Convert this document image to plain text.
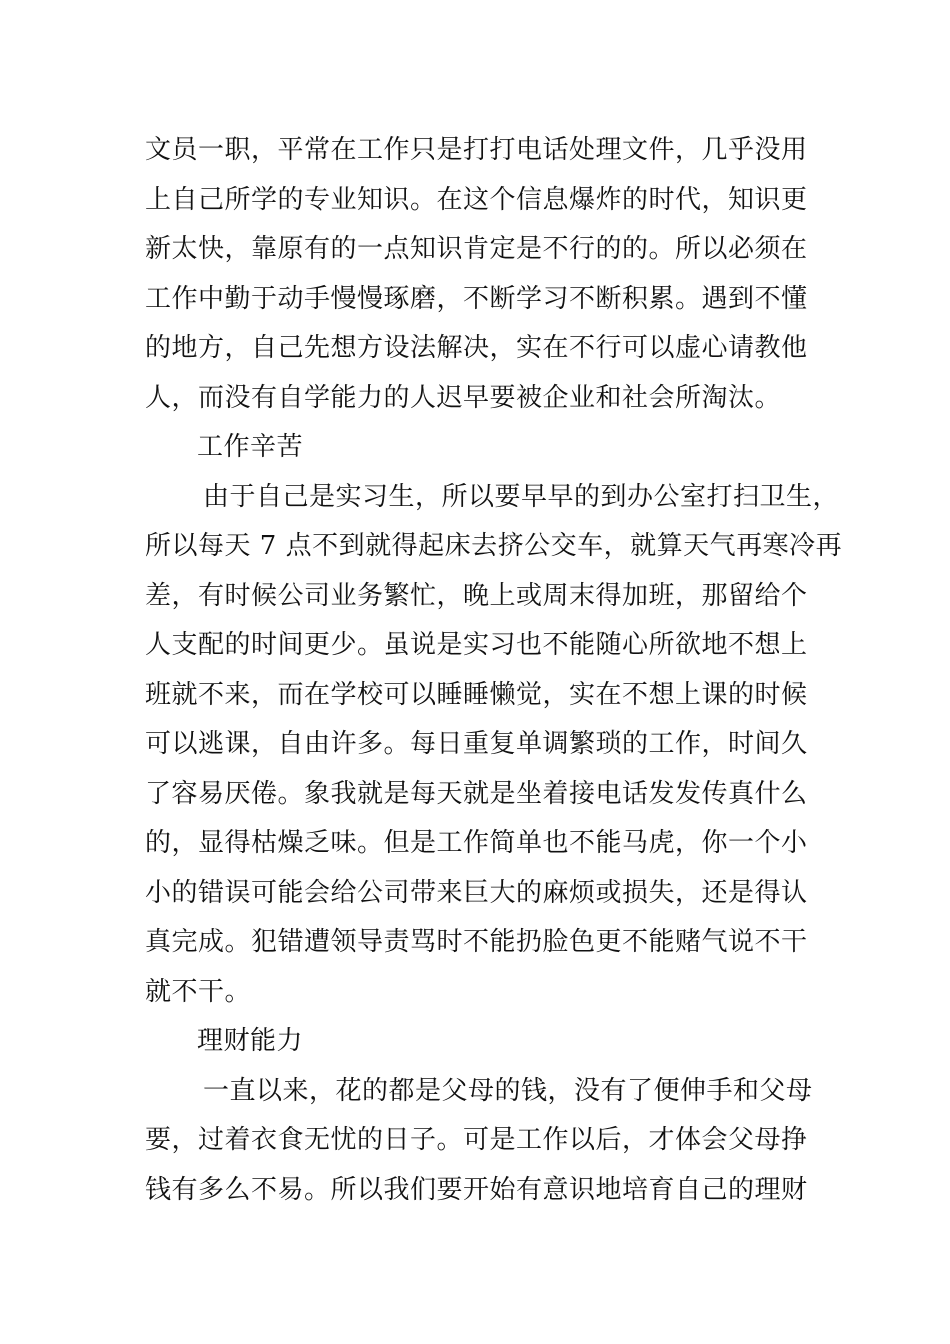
文员一职，平常在工作只是打打电话处理文件，几乎没用
上自己所学的专业知识。在这个信息爆炸的时代，知识更
新太快，靠原有的一点知识肯定是不行的的。所以必须在
工作中勤于动手慢慢琢磨，不断学习不断积累。遇到不懂
的地方，自己先想方设法解决，实在不行可以虚心请教他
人，而没有自学能力的人迟早要被企业和社会所淘汰。
工作辛苦
由于自己是实习生，所以要早早的到办公室打扫卫生，
所以每天 7 点不到就得起床去挤公交车，就算天气再寒冷再
差，有时候公司业务繁忙，晚上或周末得加班，那留给个
人支配的时间更少。虽说是实习也不能随心所欲地不想上
班就不来，而在学校可以睡睡懒觉，实在不想上课的时候
可以逃课，自由许多。每日重复单调繁琐的工作，时间久
了容易厌倦。象我就是每天就是坐着接电话发发传真什么
的，显得枯燥乏味。但是工作简单也不能马虎，你一个小
小的错误可能会给公司带来巨大的麻烦或损失，还是得认
真完成。犯错遭领导责骂时不能扔脸色更不能赌气说不干
就不干。
理财能力
一直以来，花的都是父母的钱，没有了便伸手和父母
要，过着衣食无忧的日子。可是工作以后，才体会父母挣
钱有多么不易。所以我们要开始有意识地培育自己的理财
